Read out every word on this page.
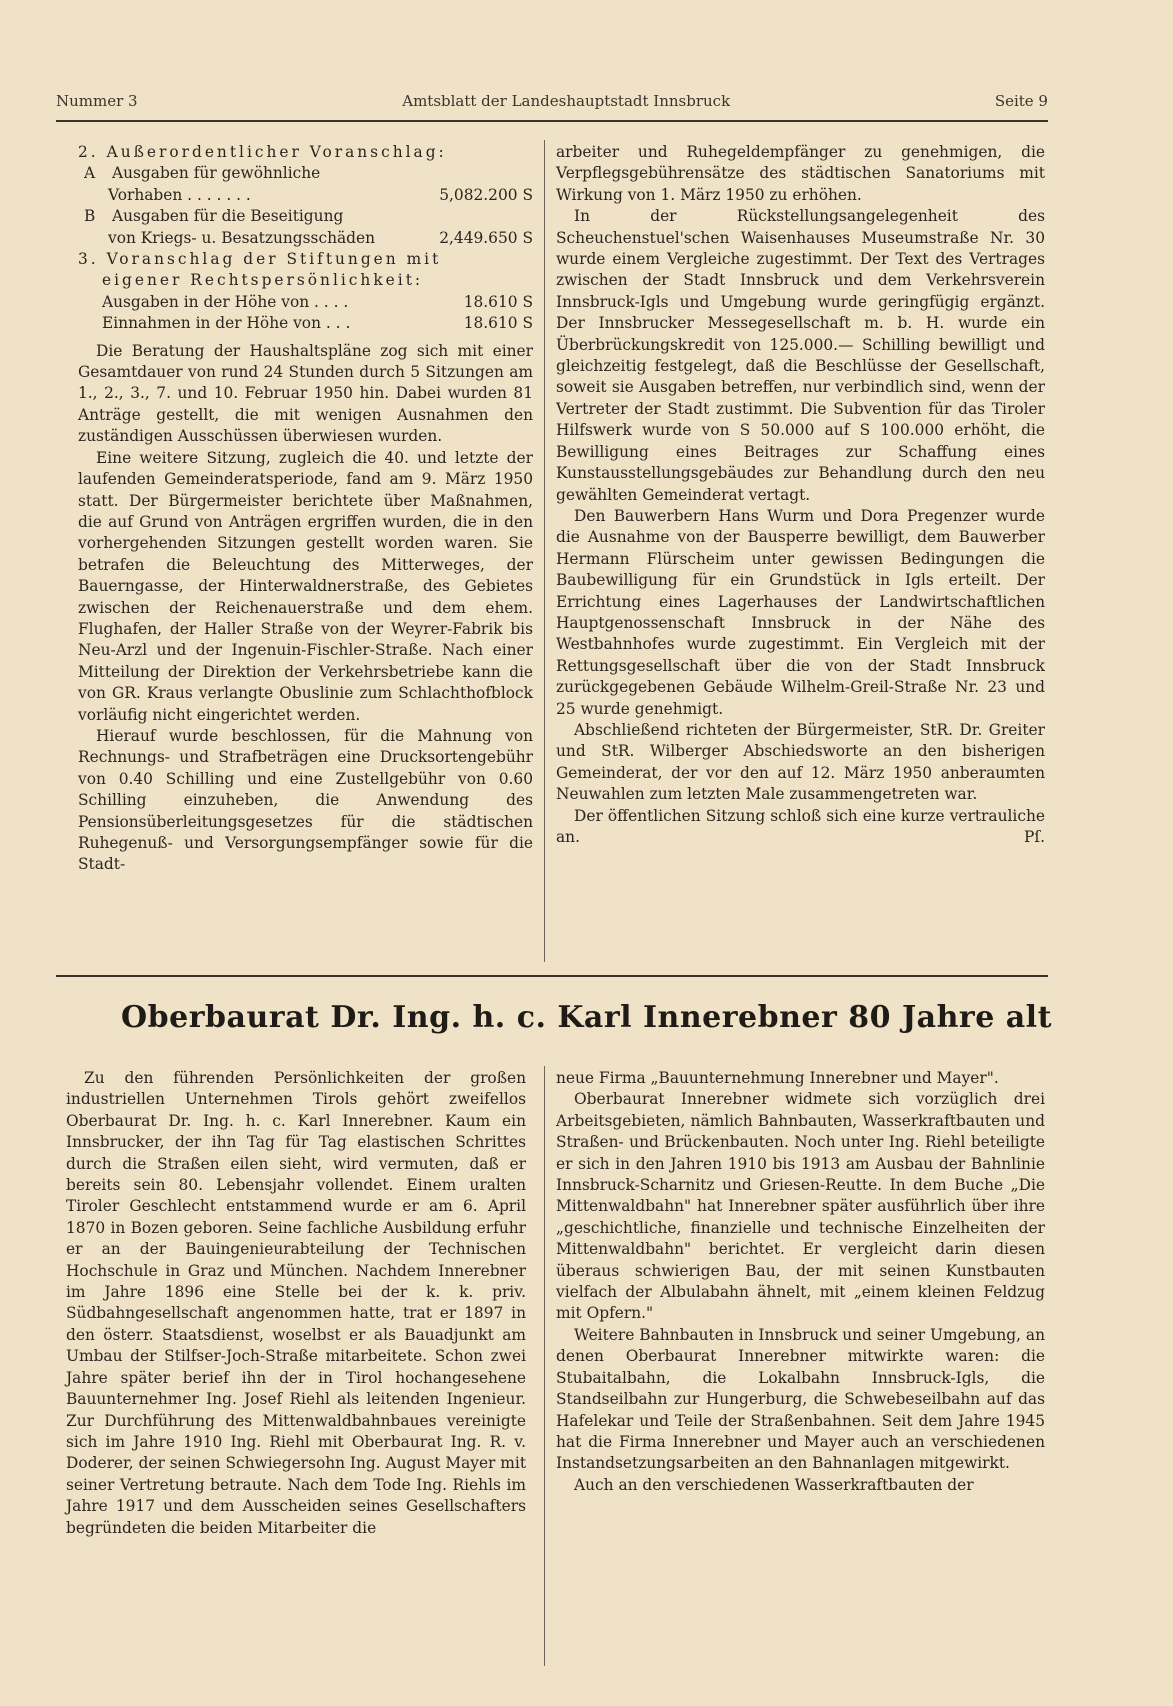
Nummer 3	Amtsblatt der Landeshauptstadt Innsbruck	Seite 9

2. Außerordentlicher Voranschlag:

A Ausgaben für gewöhnliche

Vorhaben . . . . . . .	5,082.200 S

B Ausgaben für die Beseitigung

von Kriegs- u. Besatzungsschäden	2,449.650 S

3. Voranschlag der Stiftungen mit

eigener Rechtspersönlichkeit:

Ausgaben in der Höhe von . . . .	18.610 S
Einnahmen in der Höhe von . . .	18.610 S

Die Beratung der Haushaltspläne zog sich mit einer Gesamtdauer von rund 24 Stunden durch 5 Sitzungen am 1., 2., 3., 7. und 10. Februar 1950 hin. Dabei wurden 81 Anträge gestellt, die mit wenigen Ausnahmen den zuständigen Ausschüssen überwiesen wurden.

Eine weitere Sitzung, zugleich die 40. und letzte der laufenden Gemeinderatsperiode, fand am 9. März 1950 statt. Der Bürgermeister berichtete über Maßnahmen, die auf Grund von Anträgen ergriffen wurden, die in den vorhergehenden Sitzungen gestellt worden waren. Sie betrafen die Beleuchtung des Mitterweges, der Bauerngasse, der Hinterwaldnerstraße, des Gebietes zwischen der Reichenauerstraße und dem ehem. Flughafen, der Haller Straße von der Weyrer-Fabrik bis Neu-Arzl und der Ingenuin-Fischler-Straße. Nach einer Mitteilung der Direktion der Verkehrsbetriebe kann die von GR. Kraus verlangte Obuslinie zum Schlachthofblock vorläufig nicht eingerichtet werden.

Hierauf wurde beschlossen, für die Mahnung von Rechnungs- und Strafbeträgen eine Drucksortengebühr von 0.40 Schilling und eine Zustellgebühr von 0.60 Schilling einzuheben, die Anwendung des Pensionsüberleitungsgesetzes für die städtischen Ruhegenuß- und Versorgungsempfänger sowie für die Stadt-

arbeiter und Ruhegeldempfänger zu genehmigen, die Verpflegsgebührensätze des städtischen Sanatoriums mit Wirkung von 1. März 1950 zu erhöhen.

In der Rückstellungsangelegenheit des Scheuchenstuel'schen Waisenhauses Museumstraße Nr. 30 wurde einem Vergleiche zugestimmt. Der Text des Vertrages zwischen der Stadt Innsbruck und dem Verkehrsverein Innsbruck-Igls und Umgebung wurde geringfügig ergänzt. Der Innsbrucker Messegesellschaft m. b. H. wurde ein Überbrückungskredit von 125.000.— Schilling bewilligt und gleichzeitig festgelegt, daß die Beschlüsse der Gesellschaft, soweit sie Ausgaben betreffen, nur verbindlich sind, wenn der Vertreter der Stadt zustimmt. Die Subvention für das Tiroler Hilfswerk wurde von S 50.000 auf S 100.000 erhöht, die Bewilligung eines Beitrages zur Schaffung eines Kunstausstellungsgebäudes zur Behandlung durch den neu gewählten Gemeinderat vertagt.

Den Bauwerbern Hans Wurm und Dora Pregenzer wurde die Ausnahme von der Bausperre bewilligt, dem Bauwerber Hermann Flürscheim unter gewissen Bedingungen die Baubewilligung für ein Grundstück in Igls erteilt. Der Errichtung eines Lagerhauses der Landwirtschaftlichen Hauptgenossenschaft Innsbruck in der Nähe des Westbahnhofes wurde zugestimmt. Ein Vergleich mit der Rettungsgesellschaft über die von der Stadt Innsbruck zurückgegebenen Gebäude Wilhelm-Greil-Straße Nr. 23 und 25 wurde genehmigt.

Abschließend richteten der Bürgermeister, StR. Dr. Greiter und StR. Wilberger Abschiedsworte an den bisherigen Gemeinderat, der vor den auf 12. März 1950 anberaumten Neuwahlen zum letzten Male zusammengetreten war.

Der öffentlichen Sitzung schloß sich eine kurze vertrauliche an.	Pſ.

Oberbaurat Dr. Ing. h. c. Karl Innerebner 80 Jahre alt

Zu den führenden Persönlichkeiten der großen industriellen Unternehmen Tirols gehört zweifellos Oberbaurat Dr. Ing. h. c. Karl Innerebner. Kaum ein Innsbrucker, der ihn Tag für Tag elastischen Schrittes durch die Straßen eilen sieht, wird vermuten, daß er bereits sein 80. Lebensjahr vollendet. Einem uralten Tiroler Geschlecht entstammend wurde er am 6. April 1870 in Bozen geboren. Seine fachliche Ausbildung erfuhr er an der Bauingenieurabteilung der Technischen Hochschule in Graz und München. Nachdem Innerebner im Jahre 1896 eine Stelle bei der k. k. priv. Südbahngesellschaft angenommen hatte, trat er 1897 in den österr. Staatsdienst, woselbst er als Bauadjunkt am Umbau der Stilfser-Joch-Straße mitarbeitete. Schon zwei Jahre später berief ihn der in Tirol hochangesehene Bauunternehmer Ing. Josef Riehl als leitenden Ingenieur. Zur Durchführung des Mittenwaldbahnbaues vereinigte sich im Jahre 1910 Ing. Riehl mit Oberbaurat Ing. R. v. Doderer, der seinen Schwiegersohn Ing. August Mayer mit seiner Vertretung betraute. Nach dem Tode Ing. Riehls im Jahre 1917 und dem Ausscheiden seines Gesellschafters begründeten die beiden Mitarbeiter die

neue Firma „Bauunternehmung Innerebner und Mayer".

Oberbaurat Innerebner widmete sich vorzüglich drei Arbeitsgebieten, nämlich Bahnbauten, Wasserkraftbauten und Straßen- und Brückenbauten. Noch unter Ing. Riehl beteiligte er sich in den Jahren 1910 bis 1913 am Ausbau der Bahnlinie Innsbruck-Scharnitz und Griesen-Reutte. In dem Buche „Die Mittenwaldbahn" hat Innerebner später ausführlich über ihre „geschichtliche, finanzielle und technische Einzelheiten der Mittenwaldbahn" berichtet. Er vergleicht darin diesen überaus schwierigen Bau, der mit seinen Kunstbauten vielfach der Albulabahn ähnelt, mit „einem kleinen Feldzug mit Opfern."

Weitere Bahnbauten in Innsbruck und seiner Umgebung, an denen Oberbaurat Innerebner mitwirkte waren: die Stubaitalbahn, die Lokalbahn Innsbruck-Igls, die Standseilbahn zur Hungerburg, die Schwebeseilbahn auf das Hafelekar und Teile der Straßenbahnen. Seit dem Jahre 1945 hat die Firma Innerebner und Mayer auch an verschiedenen Instandsetzungsarbeiten an den Bahnanlagen mitgewirkt.

Auch an den verschiedenen Wasserkraftbauten der
